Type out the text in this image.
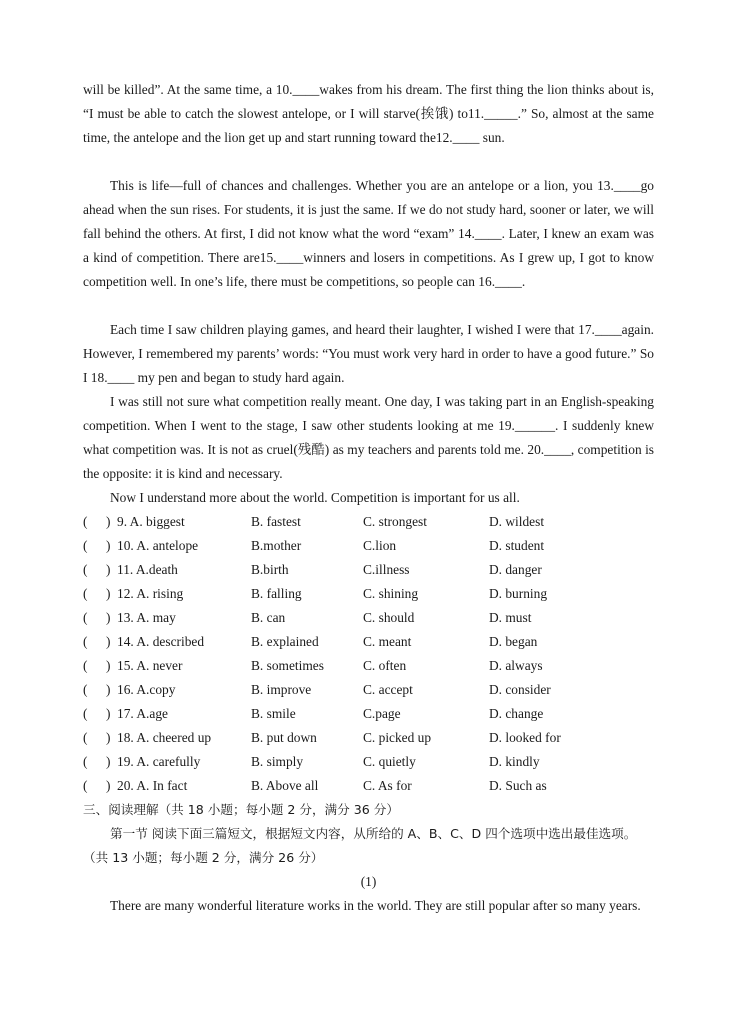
will be killed”. At the same time, a 10.____wakes from his dream. The first thing the lion thinks about is, “I must be able to catch the slowest antelope, or I will starve(挨饿) to11._____.” So, almost at the same time, the antelope and the lion get up and start running toward the12.____ sun.

This is life—full of chances and challenges. Whether you are an antelope or a lion, you 13.____go ahead when the sun rises. For students, it is just the same. If we do not study hard, sooner or later, we will fall behind the others. At first, I did not know what the word “exam” 14.____. Later, I knew an exam was a kind of competition. There are15.____winners and losers in competitions. As I grew up, I got to know competition well. In one’s life, there must be competitions, so people can 16.____.

Each time I saw children playing games, and heard their laughter, I wished I were that 17.____again. However, I remembered my parents’ words: “You must work very hard in order to have a good future.” So I 18.____ my pen and began to study hard again.

I was still not sure what competition really meant. One day, I was taking part in an English-speaking competition. When I went to the stage, I saw other students looking at me 19.______. I suddenly knew what competition was. It is not as cruel(残酷) as my teachers and parents told me. 20.____, competition is the opposite: it is kind and necessary.

Now I understand more about the world. Competition is important for us all.

( ) 9. A. biggest	B. fastest	C. strongest	D. wildest
( ) 10. A. antelope	B.mother	C.lion	D. student
( ) 11. A.death	B.birth	C.illness	D. danger
( ) 12. A. rising	B. falling	C. shining	D. burning
( ) 13. A. may	B. can	C. should	D. must
( ) 14. A. described	B. explained	C. meant	D. began
( ) 15. A. never	B. sometimes	C. often	D. always
( ) 16. A.copy	B. improve	C. accept	D. consider
( ) 17. A.age	B. smile	C.page	D. change
( ) 18. A. cheered up	B. put down	C. picked up	D. looked for
( ) 19. A. carefully	B. simply	C. quietly	D. kindly
( ) 20. A. In fact	B. Above all	C. As for	D. Such as

三、阅读理解（共 18 小题；每小题 2 分，满分 36 分）

第一节 阅读下面三篇短文，根据短文内容，从所给的 A、B、C、D 四个选项中选出最佳选项。（共 13 小题；每小题 2 分，满分 26 分）

(1)

There are many wonderful literature works in the world. They are still popular after so many years.
